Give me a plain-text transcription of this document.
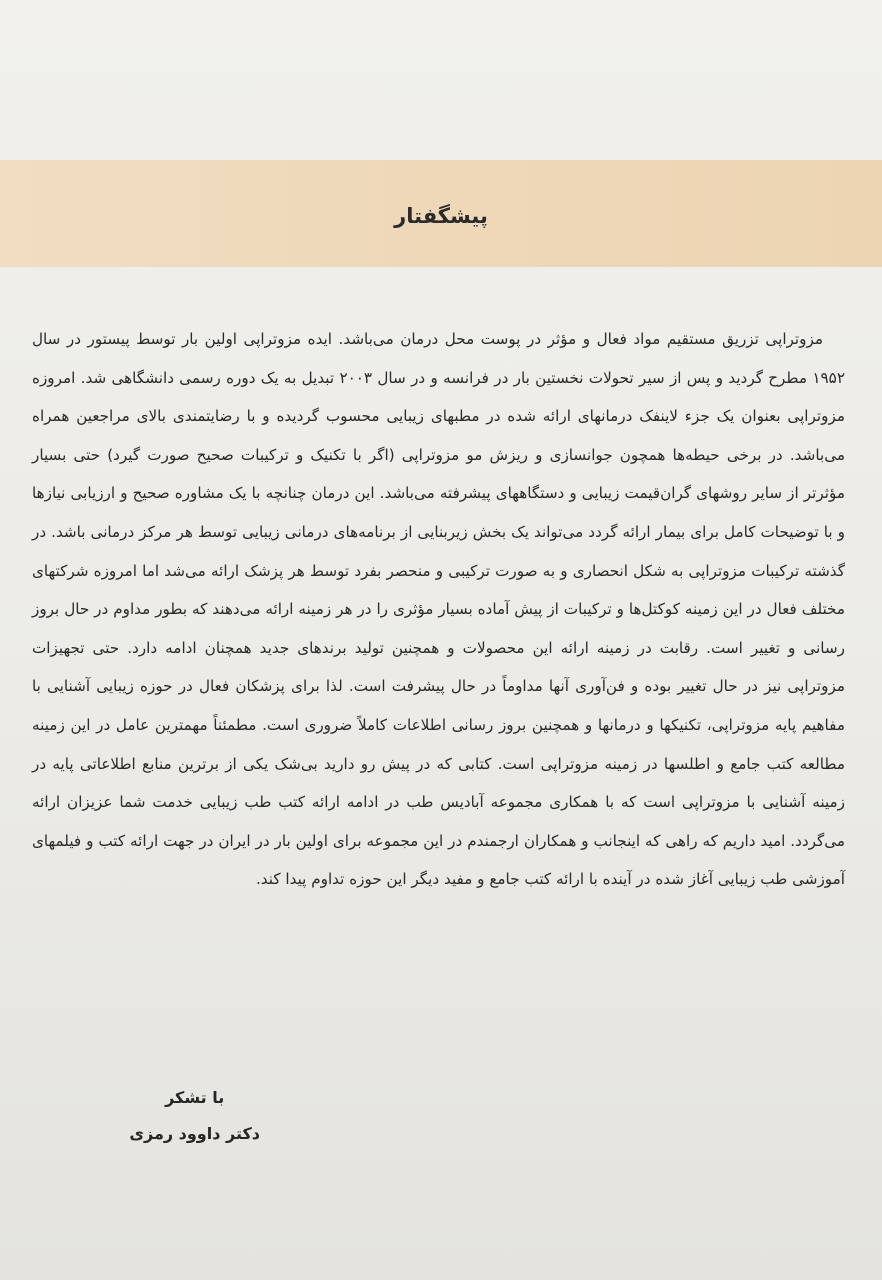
پیشگفتار

مزوتراپی تزریق مستقیم مواد فعال و مؤثر در پوست محل درمان می‌باشد. ایده مزوتراپی اولین بار توسط پیستور در سال ۱۹۵۲ مطرح گردید و پس از سیر تحولات نخستین بار در فرانسه و در سال ۲۰۰۳ تبدیل به یک دوره رسمی دانشگاهی شد. امروزه مزوتراپی بعنوان یک جزء لاینفک درمانهای ارائه شده در مطبهای زیبایی محسوب گردیده و با رضایتمندی بالای مراجعین همراه می‌باشد. در برخی حیطه‌ها همچون جوانسازی و ریزش مو مزوتراپی (اگر با تکنیک و ترکیبات صحیح صورت گیرد) حتی بسیار مؤثرتر از سایر روشهای گران‌قیمت زیبایی و دستگاههای پیشرفته می‌باشد. این درمان چنانچه با یک مشاوره صحیح و ارزیابی نیازها و با توضیحات کامل برای بیمار ارائه گردد می‌تواند یک بخش زیربنایی از برنامه‌های درمانی زیبایی توسط هر مرکز درمانی باشد. در گذشته ترکیبات مزوتراپی به شکل انحصاری و به صورت ترکیبی و منحصر بفرد توسط هر پزشک ارائه می‌شد اما امروزه شرکتهای مختلف فعال در این زمینه کوکتل‌ها و ترکیبات از پیش آماده بسیار مؤثری را در هر زمینه ارائه می‌دهند که بطور مداوم در حال بروز رسانی و تغییر است. رقابت در زمینه ارائه این محصولات و همچنین تولید برندهای جدید همچنان ادامه دارد. حتی تجهیزات مزوتراپی نیز در حال تغییر بوده و فن‌آوری آنها مداوماً در حال پیشرفت است. لذا برای پزشکان فعال در حوزه زیبایی آشنایی با مفاهیم پایه مزوتراپی، تکنیکها و درمانها و همچنین بروز رسانی اطلاعات کاملاً ضروری است. مطمئناً مهمترین عامل در این زمینه مطالعه کتب جامع و اطلسها در زمینه مزوتراپی است. کتابی که در پیش رو دارید بی‌شک یکی از برترین منابع اطلاعاتی پایه در زمینه آشنایی با مزوتراپی است که با همکاری مجموعه آبادیس طب در ادامه ارائه کتب طب زیبایی خدمت شما عزیزان ارائه می‌گردد. امید داریم که راهی که اینجانب و همکاران ارجمندم در این مجموعه برای اولین بار در ایران در جهت ارائه کتب و فیلمهای آموزشی طب زیبایی آغاز شده در آینده با ارائه کتب جامع و مفید دیگر این حوزه تداوم پیدا کند.

با تشکر
دکتر داوود رمزی
